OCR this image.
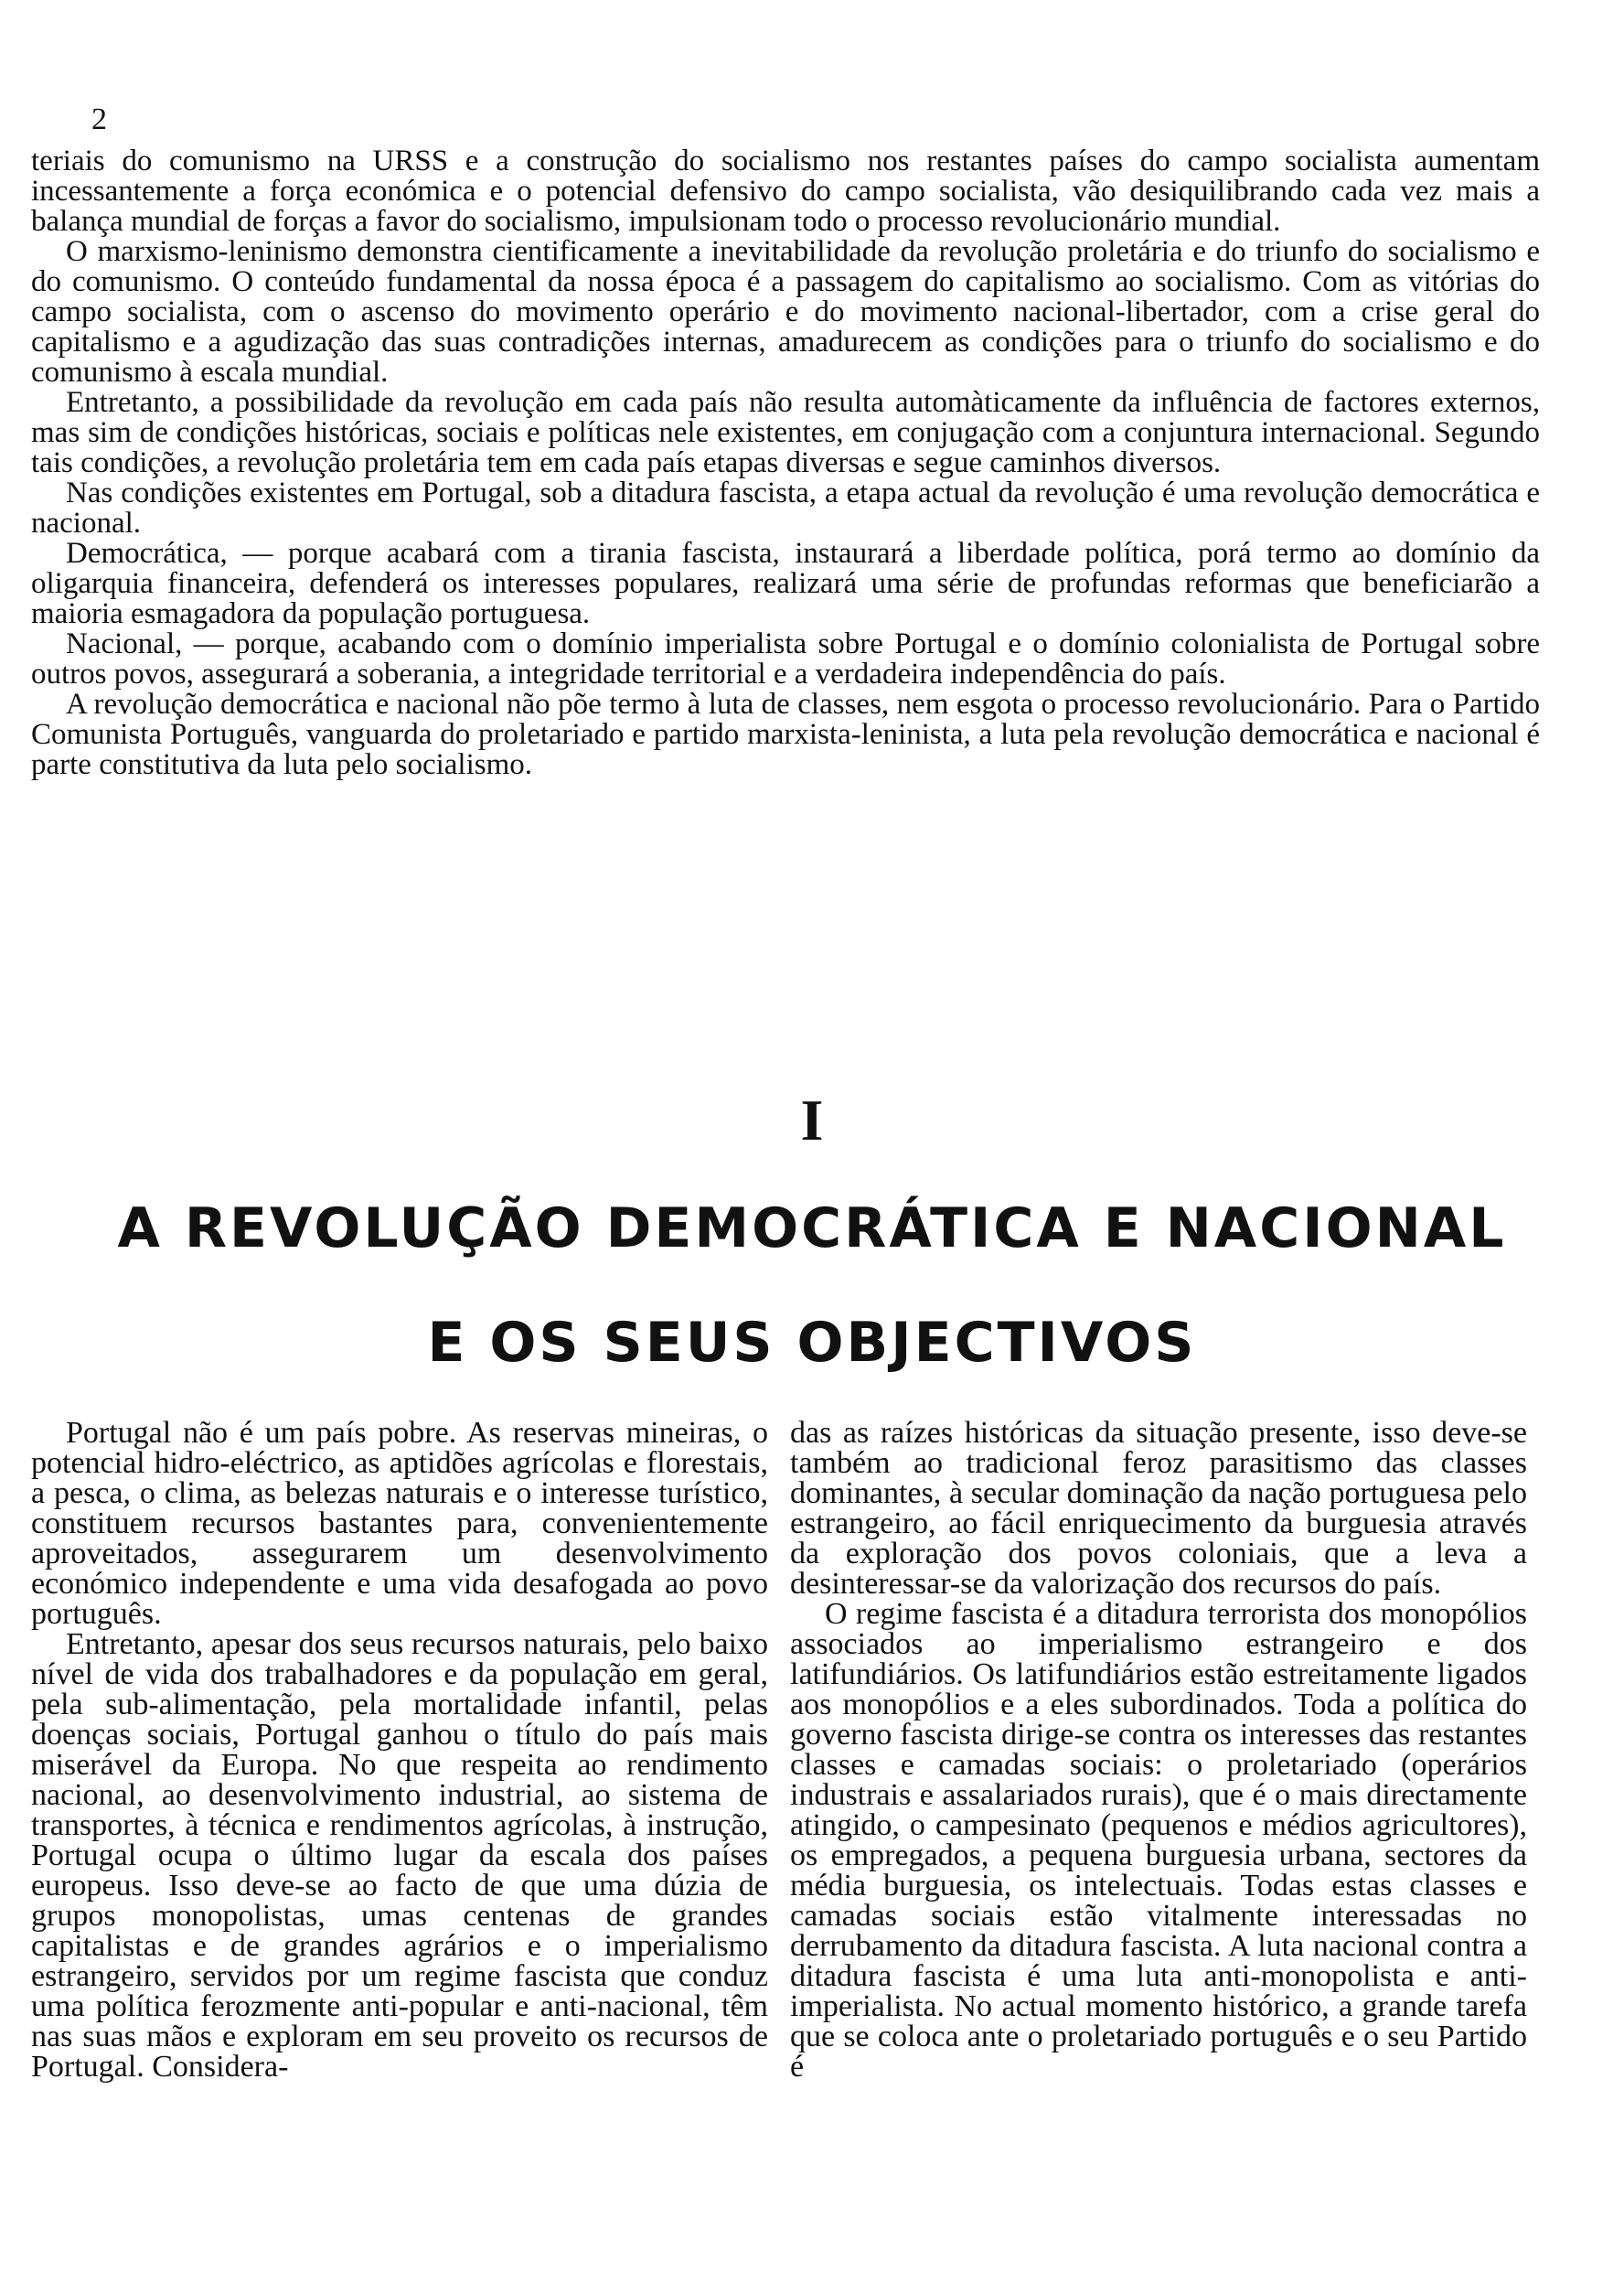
2

teriais do comunismo na URSS e a construção do socialismo nos restantes países do campo socialista aumentam incessantemente a força económica e o potencial defensivo do campo socialista, vão desiquilibrando cada vez mais a balança mundial de forças a favor do socialismo, impulsionam todo o processo revolucionário mundial.

O marxismo-leninismo demonstra cientificamente a inevitabilidade da revolução proletária e do triunfo do socialismo e do comunismo. O conteúdo fundamental da nossa época é a passagem do capitalismo ao socialismo. Com as vitórias do campo socialista, com o ascenso do movimento operário e do movimento nacional-libertador, com a crise geral do capitalismo e a agudização das suas contradições internas, amadurecem as condições para o triunfo do socialismo e do comunismo à escala mundial.

Entretanto, a possibilidade da revolução em cada país não resulta automàticamente da influência de factores externos, mas sim de condições históricas, sociais e políticas nele existentes, em conjugação com a conjuntura internacional. Segundo tais condições, a revolução proletária tem em cada país etapas diversas e segue caminhos diversos.

Nas condições existentes em Portugal, sob a ditadura fascista, a etapa actual da revolução é uma revolução democrática e nacional.

Democrática, — porque acabará com a tirania fascista, instaurará a liberdade política, porá termo ao domínio da oligarquia financeira, defenderá os interesses populares, realizará uma série de profundas reformas que beneficiarão a maioria esmagadora da população portuguesa.

Nacional, — porque, acabando com o domínio imperialista sobre Portugal e o domínio colonialista de Portugal sobre outros povos, assegurará a soberania, a integridade territorial e a verdadeira independência do país.

A revolução democrática e nacional não põe termo à luta de classes, nem esgota o processo revolucionário. Para o Partido Comunista Português, vanguarda do proletariado e partido marxista-leninista, a luta pela revolução democrática e nacional é parte constitutiva da luta pelo socialismo.

I
A REVOLUÇÃO DEMOCRÁTICA E NACIONAL
E OS SEUS OBJECTIVOS

Portugal não é um país pobre. As reservas mineiras, o potencial hidro-eléctrico, as aptidões agrícolas e florestais, a pesca, o clima, as belezas naturais e o interesse turístico, constituem recursos bastantes para, convenientemente aproveitados, assegurarem um desenvolvimento económico independente e uma vida desafogada ao povo português.

Entretanto, apesar dos seus recursos naturais, pelo baixo nível de vida dos trabalhadores e da população em geral, pela sub-alimentação, pela mortalidade infantil, pelas doenças sociais, Portugal ganhou o título do país mais miserável da Europa. No que respeita ao rendimento nacional, ao desenvolvimento industrial, ao sistema de transportes, à técnica e rendimentos agrícolas, à instrução, Portugal ocupa o último lugar da escala dos países europeus. Isso deve-se ao facto de que uma dúzia de grupos monopolistas, umas centenas de grandes capitalistas e de grandes agrários e o imperialismo estrangeiro, servidos por um regime fascista que conduz uma política ferozmente anti-popular e anti-nacional, têm nas suas mãos e exploram em seu proveito os recursos de Portugal. Considera-

das as raízes históricas da situação presente, isso deve-se também ao tradicional feroz parasitismo das classes dominantes, à secular dominação da nação portuguesa pelo estrangeiro, ao fácil enriquecimento da burguesia através da exploração dos povos coloniais, que a leva a desinteressar-se da valorização dos recursos do país.

O regime fascista é a ditadura terrorista dos monopólios associados ao imperialismo estrangeiro e dos latifundiários. Os latifundiários estão estreitamente ligados aos monopólios e a eles subordinados. Toda a política do governo fascista dirige-se contra os interesses das restantes classes e camadas sociais: o proletariado (operários industrais e assalariados rurais), que é o mais directamente atingido, o campesinato (pequenos e médios agricultores), os empregados, a pequena burguesia urbana, sectores da média burguesia, os intelectuais. Todas estas classes e camadas sociais estão vitalmente interessadas no derrubamento da ditadura fascista. A luta nacional contra a ditadura fascista é uma luta anti-monopolista e anti-imperialista. No actual momento histórico, a grande tarefa que se coloca ante o proletariado português e o seu Partido é
